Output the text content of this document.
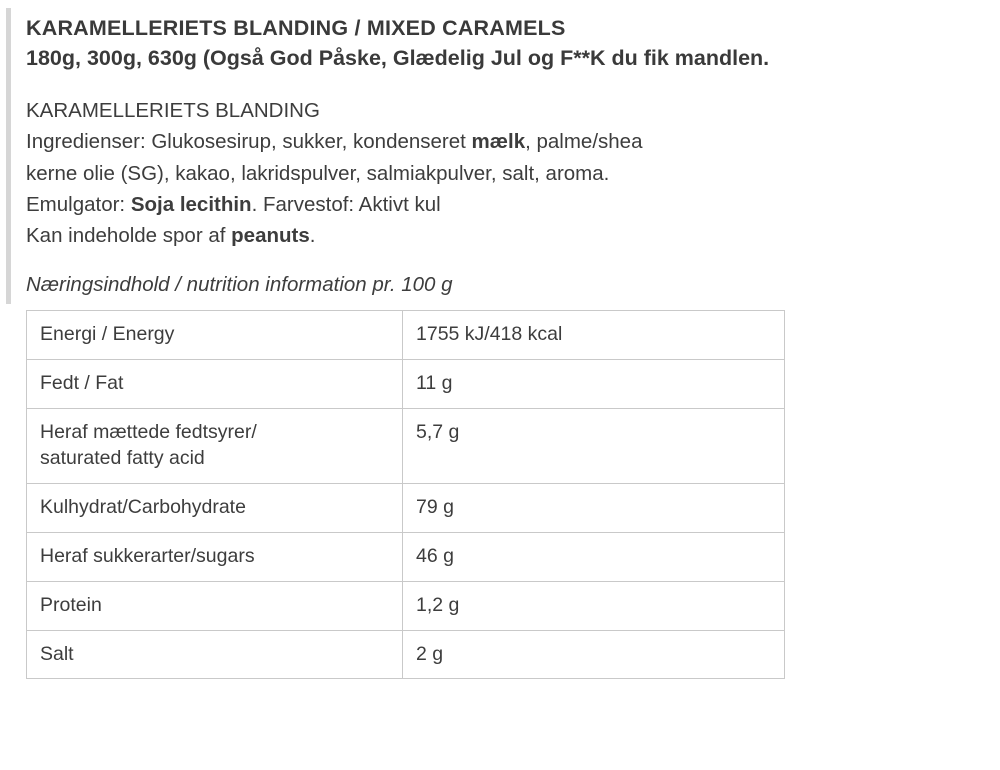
KARAMELLERIETS BLANDING / MIXED CARAMELS
180g, 300g, 630g (Også God Påske, Glædelig Jul og F**K du fik mandlen.
KARAMELLERIETS BLANDING
Ingredienser: Glukosesirup, sukker, kondenseret mælk, palme/shea
kerne olie (SG), kakao, lakridspulver, salmiakpulver, salt, aroma.
Emulgator: Soja lecithin. Farvestof: Aktivt kul
Kan indeholde spor af peanuts.
Næringsindhold / nutrition information pr. 100 g
Energi / Energy	1755 kJ/418 kcal
Fedt / Fat	11 g

Heraf mættede fedtsyrer/
saturated fatty acid	5,7 g
Kulhydrat/Carbohydrate	79 g
Heraf sukkerarter/sugars	46 g
Protein	1,2 g
Salt	2 g
